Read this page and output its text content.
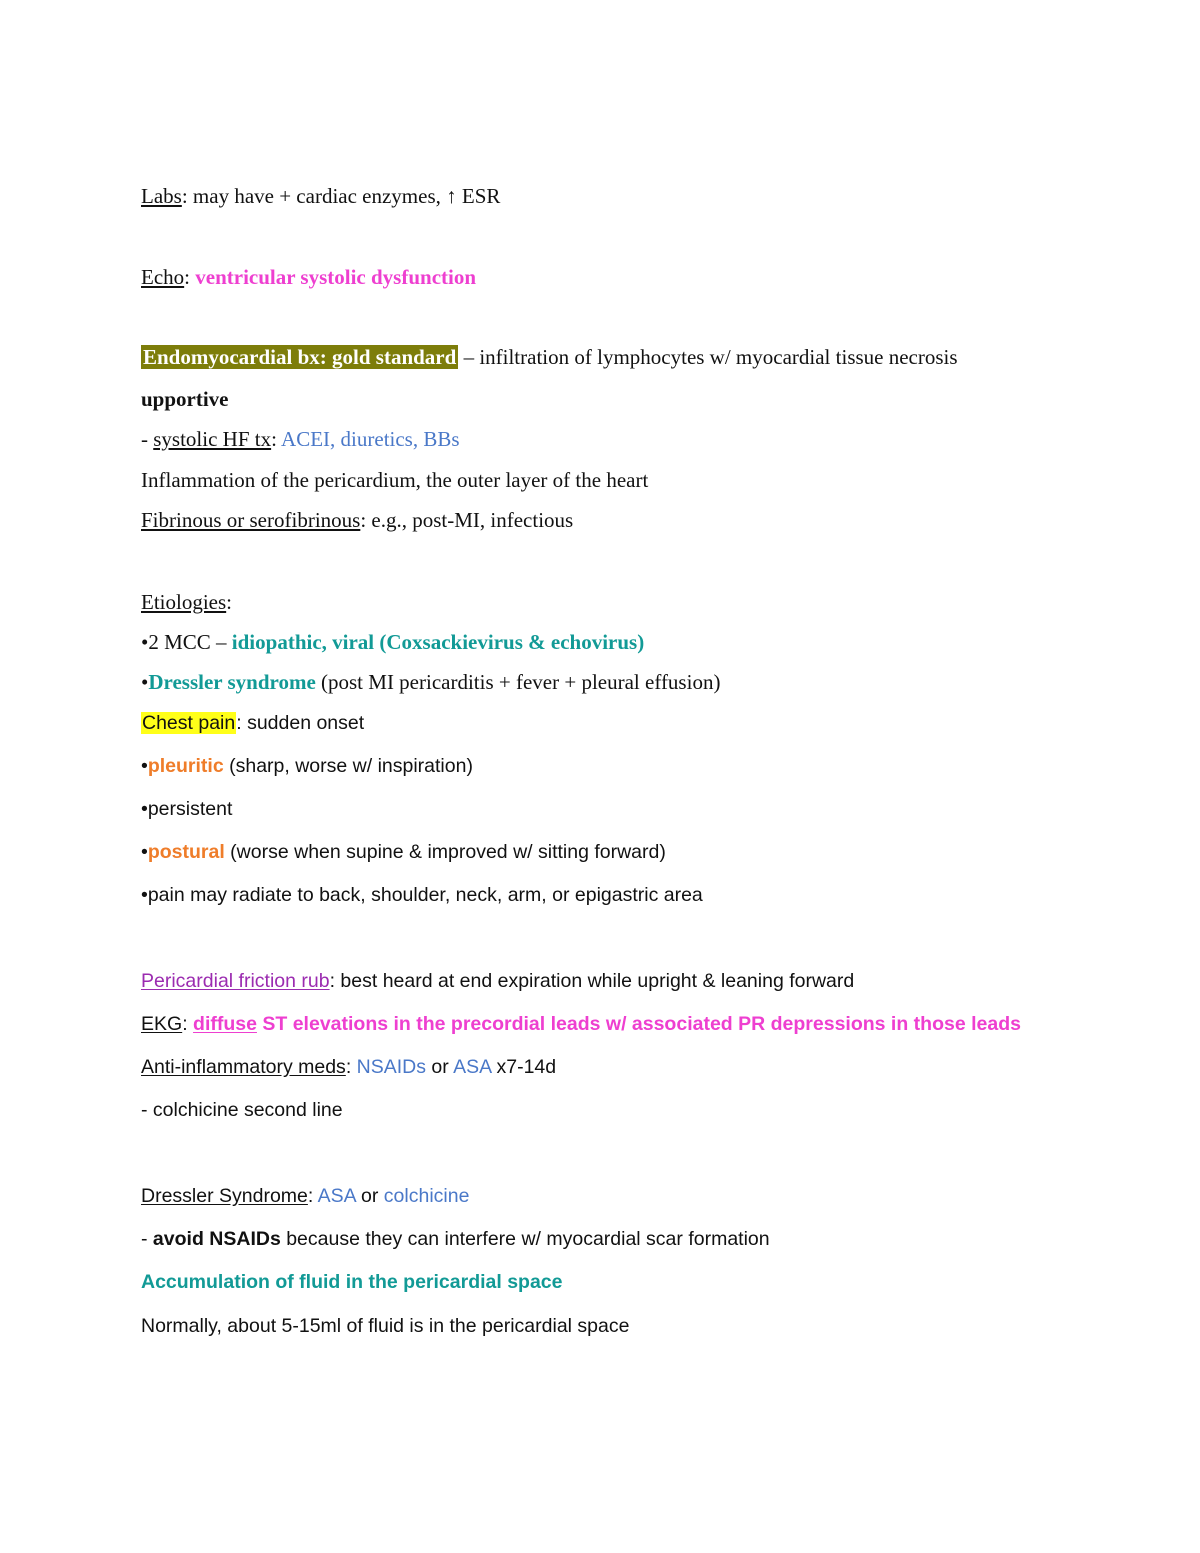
Labs: may have + cardiac enzymes, ↑ ESR
Echo: ventricular systolic dysfunction
Endomyocardial bx: gold standard – infiltration of lymphocytes w/ myocardial tissue necrosis
upportive
- systolic HF tx: ACEI, diuretics, BBs
Inflammation of the pericardium, the outer layer of the heart
Fibrinous or serofibrinous: e.g., post-MI, infectious
Etiologies:
•2 MCC – idiopathic, viral (Coxsackievirus & echovirus)
•Dressler syndrome (post MI pericarditis + fever + pleural effusion)
Chest pain: sudden onset
•pleuritic (sharp, worse w/ inspiration)
•persistent
•postural (worse when supine & improved w/ sitting forward)
•pain may radiate to back, shoulder, neck, arm, or epigastric area
Pericardial friction rub: best heard at end expiration while upright & leaning forward
EKG: diffuse ST elevations in the precordial leads w/ associated PR depressions in those leads
Anti-inflammatory meds: NSAIDs or ASA x7-14d
- colchicine second line
Dressler Syndrome: ASA or colchicine
- avoid NSAIDs because they can interfere w/ myocardial scar formation
Accumulation of fluid in the pericardial space
Normally, about 5-15ml of fluid is in the pericardial space
